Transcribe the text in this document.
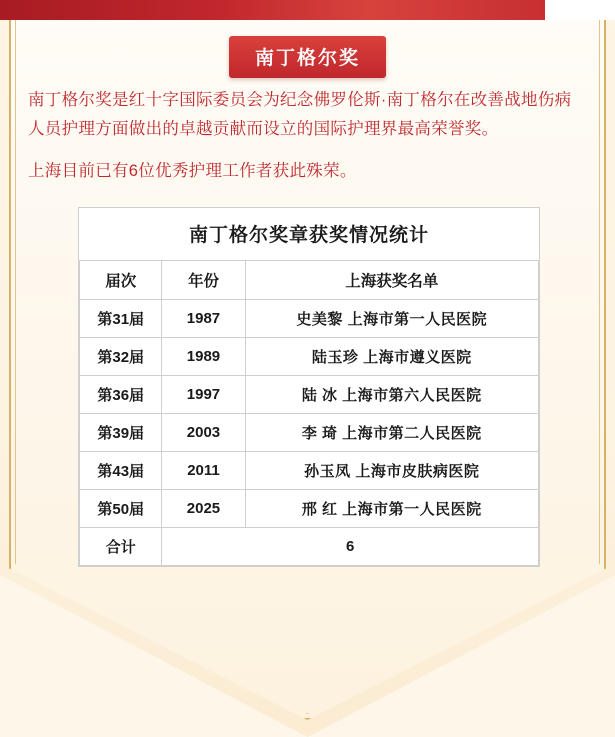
南丁格尔奖
南丁格尔奖是红十字国际委员会为纪念佛罗伦斯·南丁格尔在改善战地伤病人员护理方面做出的卓越贡献而设立的国际护理界最高荣誉奖。
上海目前已有6位优秀护理工作者获此殊荣。
南丁格尔奖章获奖情况统计		
届次	年份	上海获奖名单
第31届	1987	史美黎 上海市第一人民医院
第32届	1989	陆玉珍 上海市遵义医院
第36届	1997	陆 冰 上海市第六人民医院
第39届	2003	李 琦 上海市第二人民医院
第43届	2011	孙玉凤 上海市皮肤病医院
第50届	2025	邢 红 上海市第一人民医院
合计	6	
